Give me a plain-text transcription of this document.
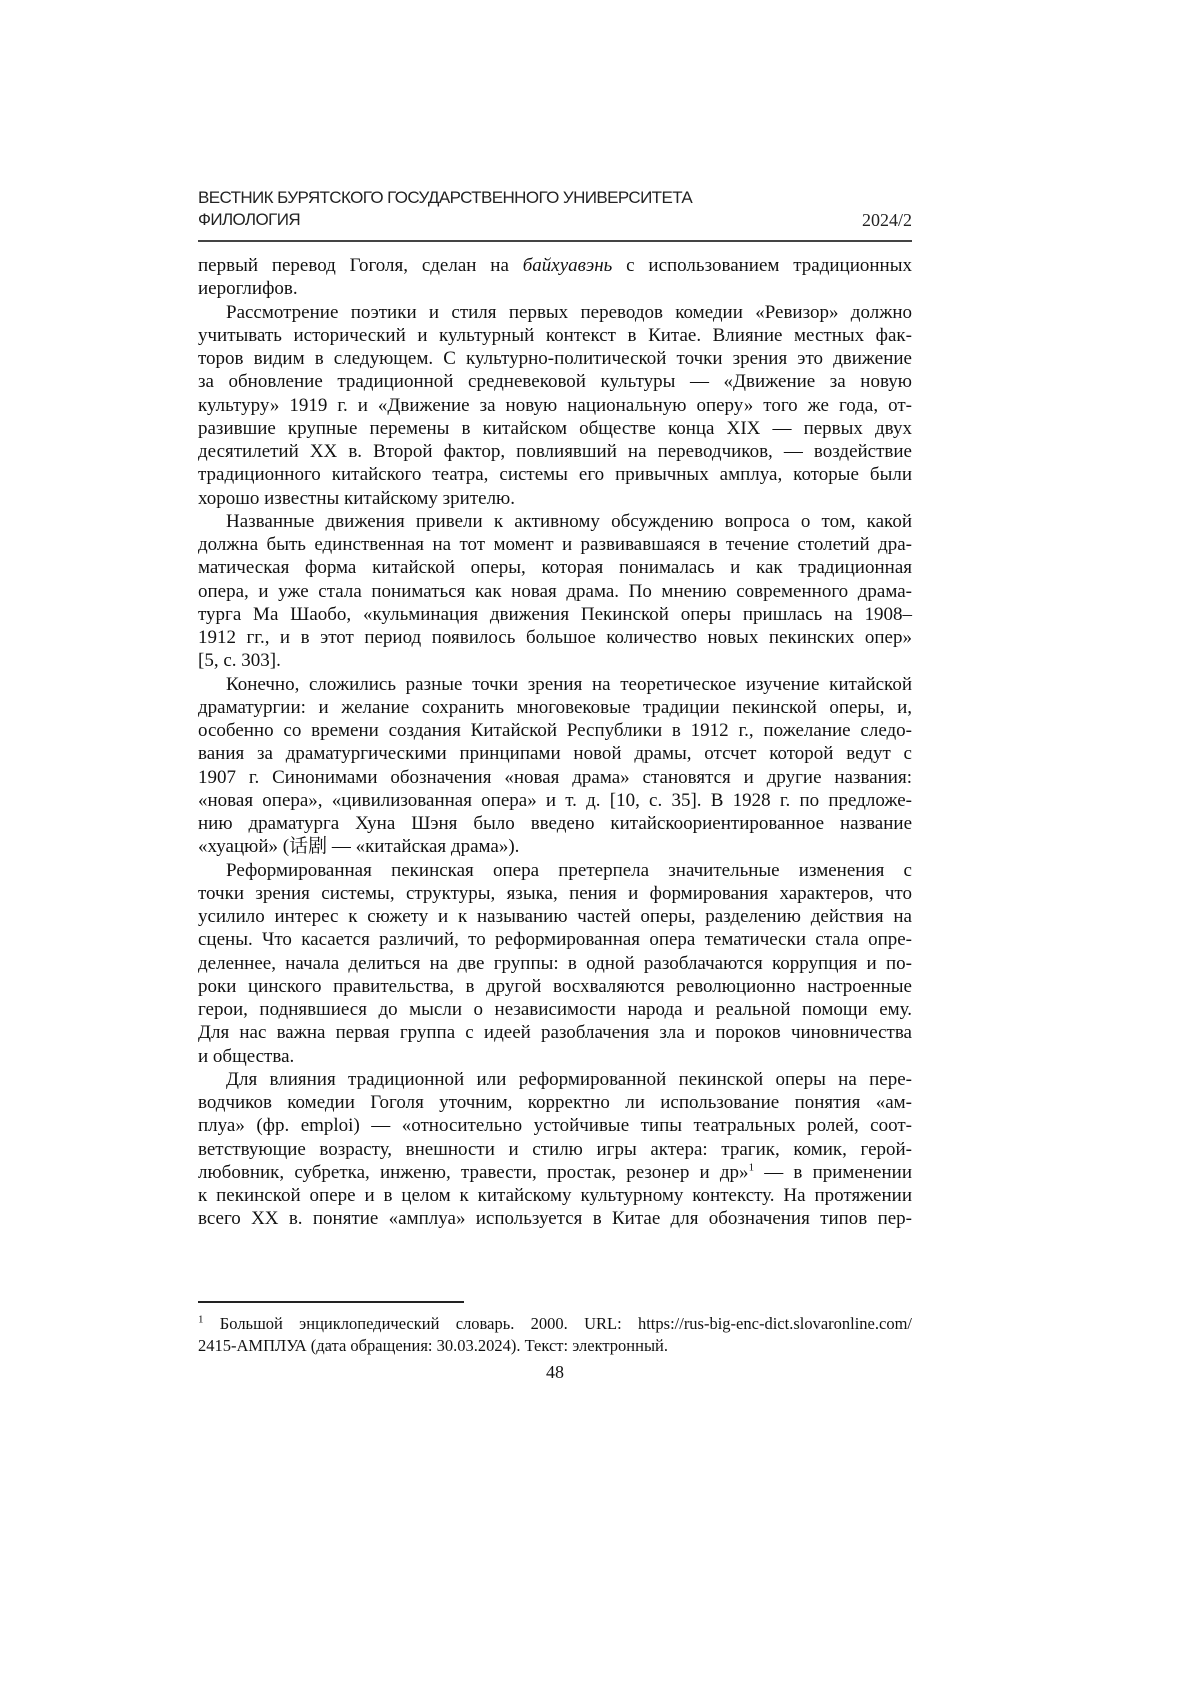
ВЕСТНИК БУРЯТСКОГО ГОСУДАРСТВЕННОГО УНИВЕРСИТЕТА
ФИЛОЛОГИЯ	2024/2
первый перевод Гоголя, сделан на байхуавэнь с использованием традиционных
иероглифов.
Рассмотрение поэтики и стиля первых переводов комедии «Ревизор» должно
учитывать исторический и культурный контекст в Китае. Влияние местных фак-
торов видим в следующем. С культурно-политической точки зрения это движение
за обновление традиционной средневековой культуры — «Движение за новую
культуру» 1919 г. и «Движение за новую национальную оперу» того же года, от-
разившие крупные перемены в китайском обществе конца XIX — первых двух
десятилетий XX в. Второй фактор, повлиявший на переводчиков, — воздействие
традиционного китайского театра, системы его привычных амплуа, которые были
хорошо известны китайскому зрителю.
Названные движения привели к активному обсуждению вопроса о том, какой
должна быть единственная на тот момент и развивавшаяся в течение столетий дра-
матическая форма китайской оперы, которая понималась и как традиционная
опера, и уже стала пониматься как новая драма. По мнению современного драма-
турга Ма Шаобо, «кульминация движения Пекинской оперы пришлась на 1908–
1912 гг., и в этот период появилось большое количество новых пекинских опер»
[5, с. 303].
Конечно, сложились разные точки зрения на теоретическое изучение китайской
драматургии: и желание сохранить многовековые традиции пекинской оперы, и,
особенно со времени создания Китайской Республики в 1912 г., пожелание следо-
вания за драматургическими принципами новой драмы, отсчет которой ведут с
1907 г. Синонимами обозначения «новая драма» становятся и другие названия:
«новая опера», «цивилизованная опера» и т. д. [10, с. 35]. В 1928 г. по предложе-
нию драматурга Хуна Шэня было введено китайскоориентированное название
«хуацюй» (话剧 — «китайская драма»).
Реформированная пекинская опера претерпела значительные изменения с
точки зрения системы, структуры, языка, пения и формирования характеров, что
усилило интерес к сюжету и к называнию частей оперы, разделению действия на
сцены. Что касается различий, то реформированная опера тематически стала опре-
деленнее, начала делиться на две группы: в одной разоблачаются коррупция и по-
роки цинского правительства, в другой восхваляются революционно настроенные
герои, поднявшиеся до мысли о независимости народа и реальной помощи ему.
Для нас важна первая группа с идеей разоблачения зла и пороков чиновничества
и общества.
Для влияния традиционной или реформированной пекинской оперы на пере-
водчиков комедии Гоголя уточним, корректно ли использование понятия «ам-
плуа» (фр. emploi) — «относительно устойчивые типы театральных ролей, соот-
ветствующие возрасту, внешности и стилю игры актера: трагик, комик, герой-
любовник, субретка, инженю, травести, простак, резонер и др»1 — в применении
к пекинской опере и в целом к китайскому культурному контексту. На протяжении
всего XX в. понятие «амплуа» используется в Китае для обозначения типов пер-
1 Большой энциклопедический словарь. 2000. URL: https://rus-big-enc-dict.slovaronline.com/
2415-АМПЛУА (дата обращения: 30.03.2024). Текст: электронный.
48
